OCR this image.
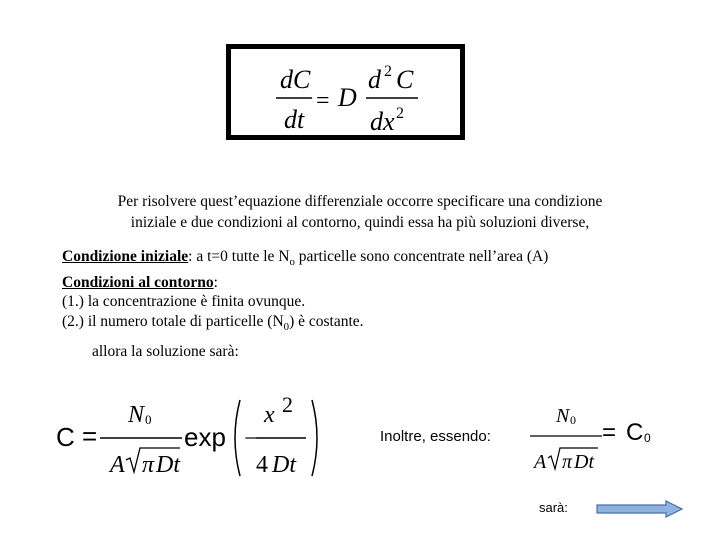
dC
dt
D
d C
dx
2
2
=
Per risolvere quest’equazione differenziale occorre specificare una condizione
iniziale e due condizioni al contorno, quindi essa ha più soluzioni diverse,
Condizione iniziale: a t=0 tutte le $N_o$ particelle sono concentrate nell’area (A)
Condizioni al contorno:
(1.) la concentrazione è finita ovunque.
(2.) il numero totale di particelle $(N_0)$ è costante.
allora la soluzione sarà:
C =	exp
N
A π Dt
x
Dt
4
−
0
2
Inoltre, essendo:
N
A π Dt
0 = C 0
sarà:
